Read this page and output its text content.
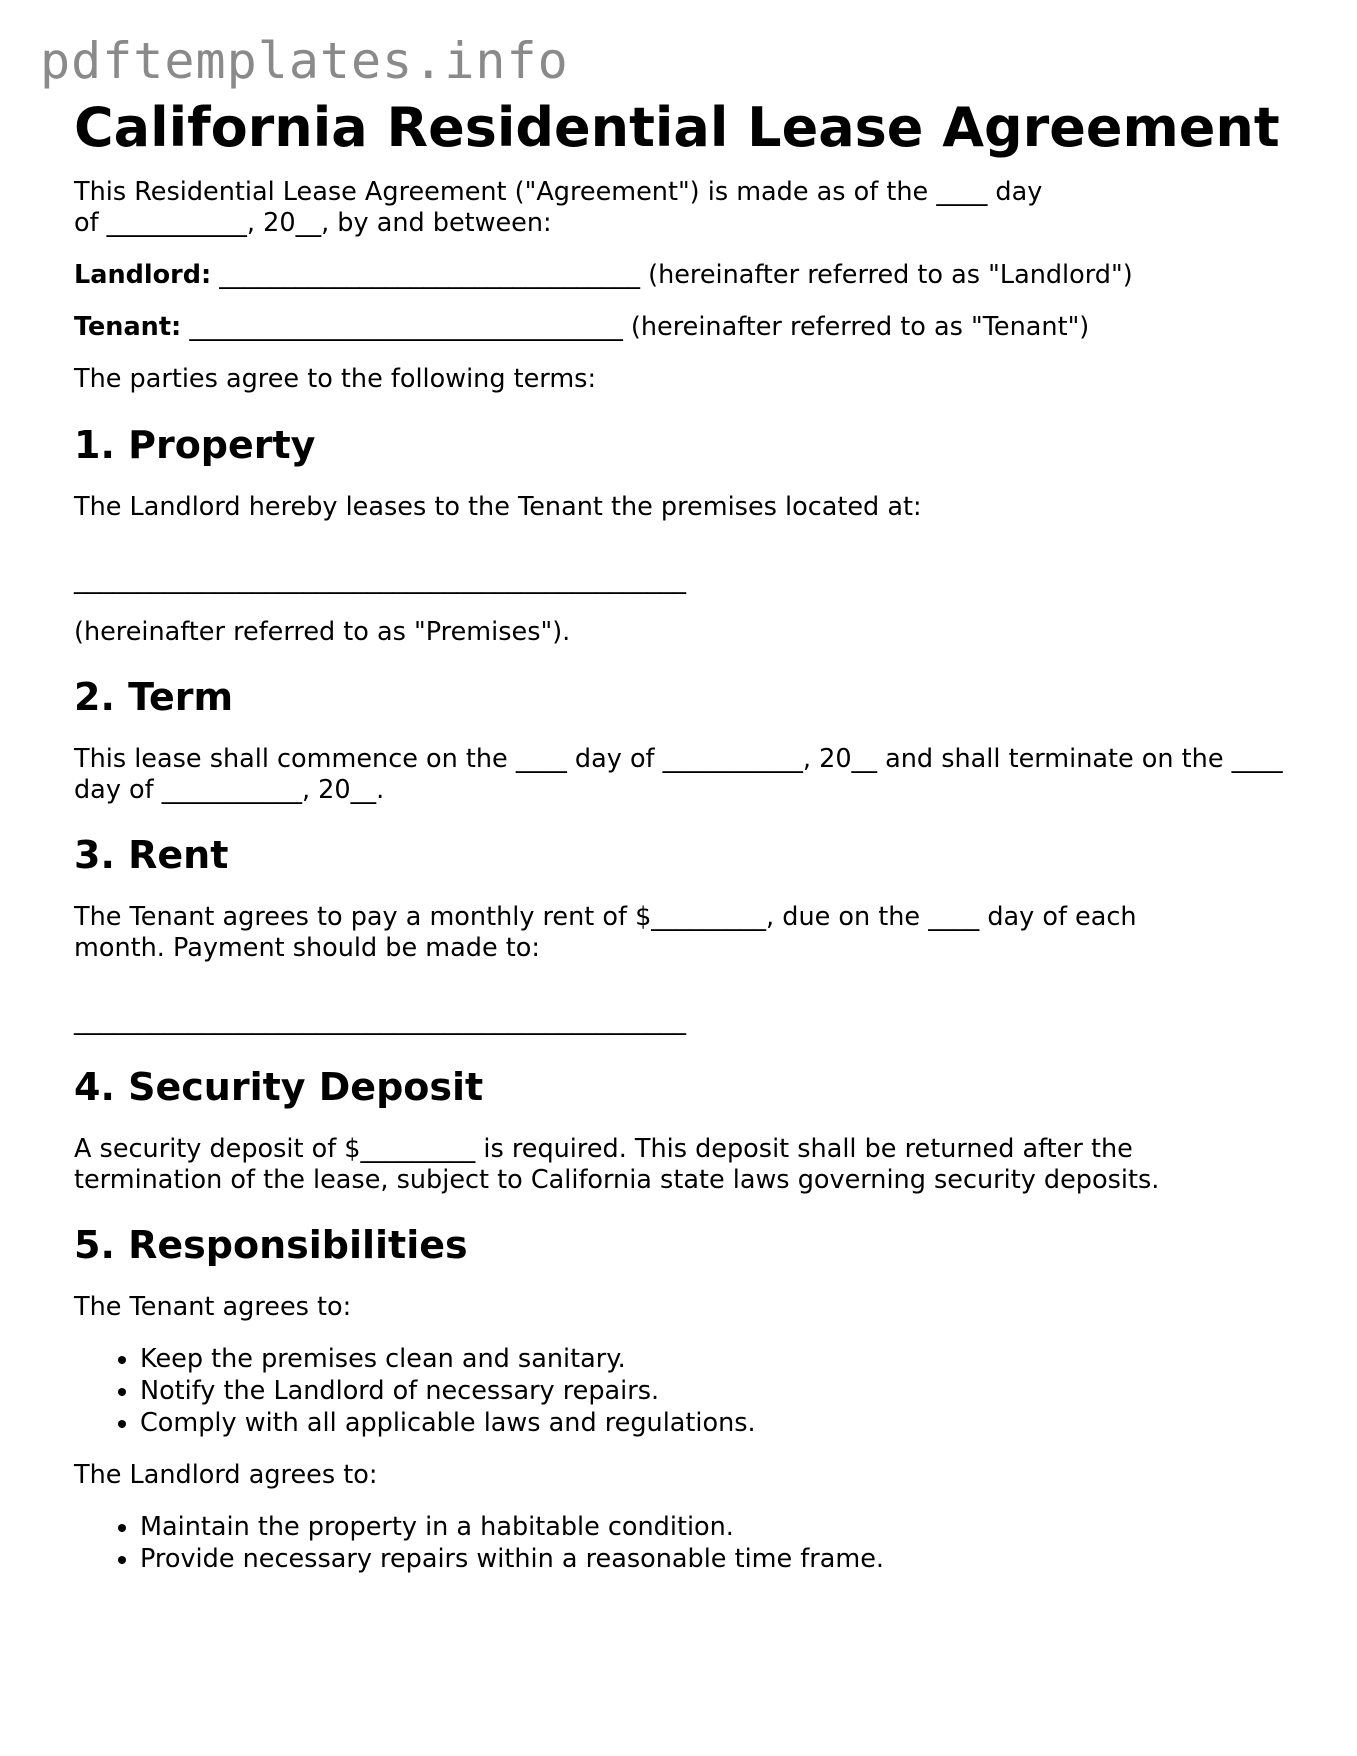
pdftemplates.info
California Residential Lease Agreement

This Residential Lease Agreement ("Agreement") is made as of the ____ day of ___________, 20__, by and between:

Landlord: _________________________________ (hereinafter referred to as "Landlord")

Tenant: __________________________________ (hereinafter referred to as "Tenant")

The parties agree to the following terms:

1. Property

The Landlord hereby leases to the Tenant the premises located at:

________________________________________________

(hereinafter referred to as "Premises").

2. Term

This lease shall commence on the ____ day of ___________, 20__ and shall terminate on the ____ day of ___________, 20__.

3. Rent

The Tenant agrees to pay a monthly rent of $_________, due on the ____ day of each month. Payment should be made to:

________________________________________________

4. Security Deposit

A security deposit of $_________ is required. This deposit shall be returned after the termination of the lease, subject to California state laws governing security deposits.

5. Responsibilities

The Tenant agrees to:

• Keep the premises clean and sanitary.
• Notify the Landlord of necessary repairs.
• Comply with all applicable laws and regulations.

The Landlord agrees to:

• Maintain the property in a habitable condition.
• Provide necessary repairs within a reasonable time frame.
